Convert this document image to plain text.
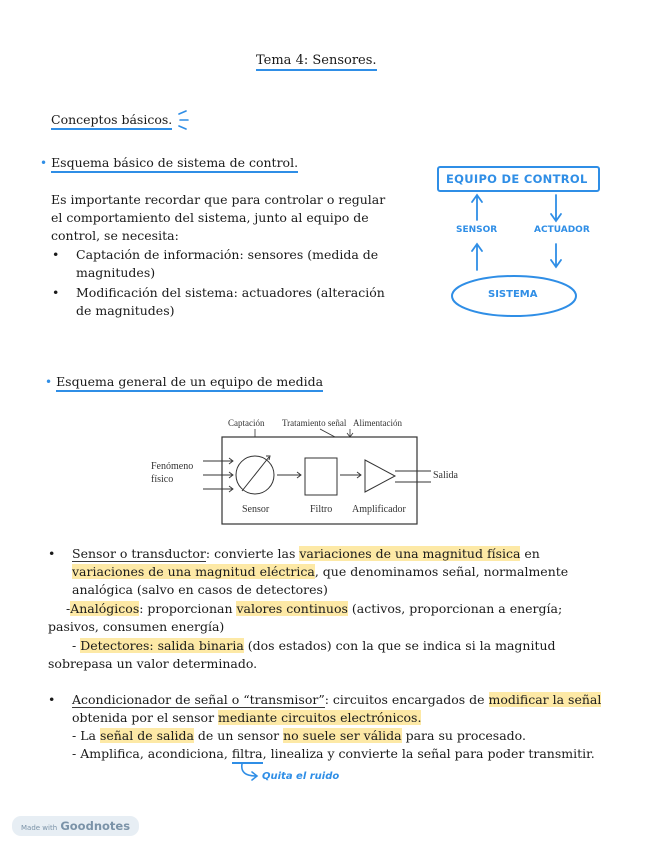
Tema 4: Sensores.
Conceptos básicos.
• Esquema básico de sistema de control.
Es importante recordar que para controlar o regular
el comportamiento del sistema, junto al equipo de
control, se necesita:
• Captación de información: sensores (medida de
magnitudes)
• Modificación del sistema: actuadores (alteración
de magnitudes)
EQUIPO DE CONTROL
SENSOR	ACTUADOR
SISTEMA
• Esquema general de un equipo de medida
Captación Tratamiento señal Alimentación
Fenómeno
físico	Salida
Sensor	Filtro Amplificador
• Sensor o transductor: convierte las variaciones de una magnitud física en
variaciones de una magnitud eléctrica, que denominamos señal, normalmente
analógica (salvo en casos de detectores)
-Analógicos: proporcionan valores continuos (activos, proporcionan a energía;
pasivos, consumen energía)
- Detectores: salida binaria (dos estados) con la que se indica si la magnitud
sobrepasa un valor determinado.
• Acondicionador de señal o “transmisor”: circuitos encargados de modificar la señal
obtenida por el sensor mediante circuitos electrónicos.
- La señal de salida de un sensor no suele ser válida para su procesado.
- Amplifica, acondiciona, filtra, linealiza y convierte la señal para poder transmitir.
Quita el ruido
Made with Goodnotes
